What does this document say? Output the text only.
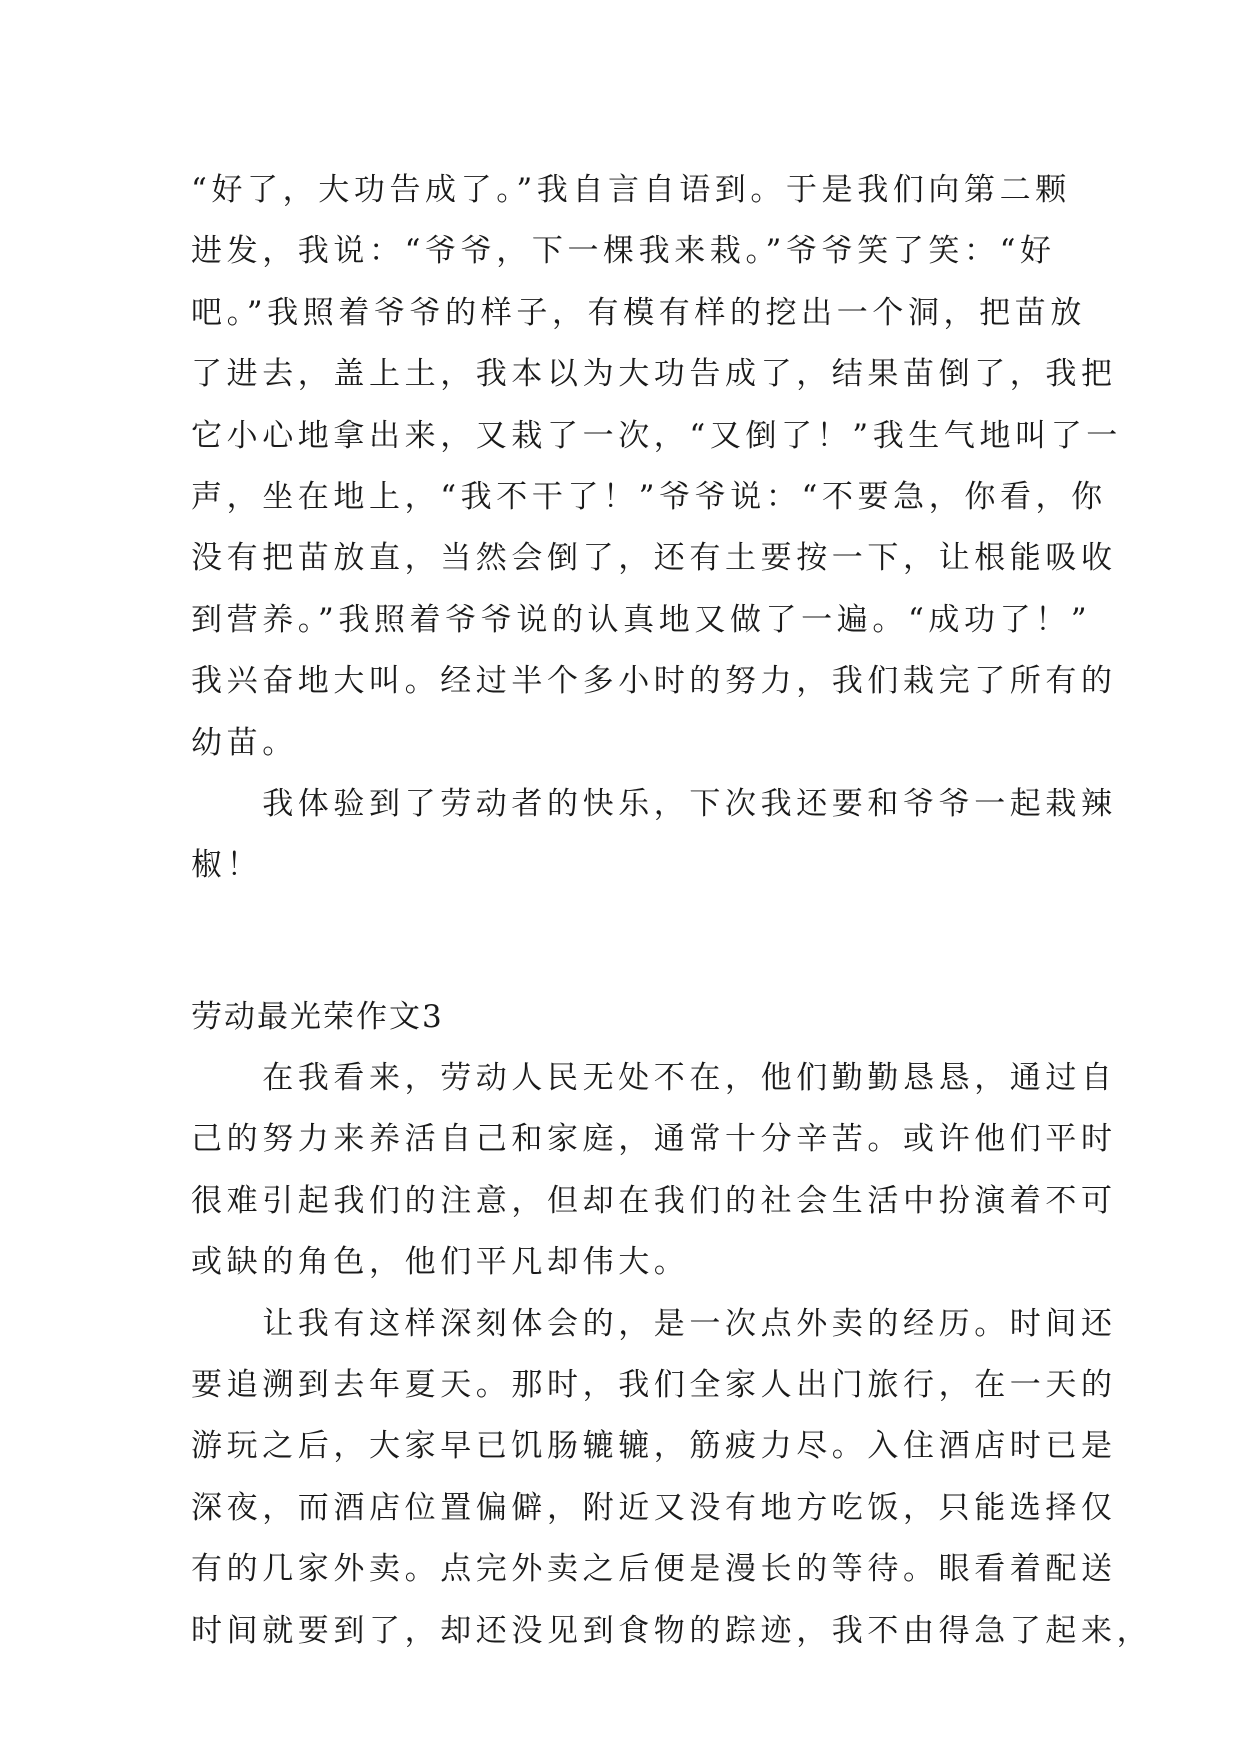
“好了，大功告成了。”我自言自语到。于是我们向第二颗
进发，我说：“爷爷，下一棵我来栽。”爷爷笑了笑：“好
吧。”我照着爷爷的样子，有模有样的挖出一个洞，把苗放
了进去，盖上土，我本以为大功告成了，结果苗倒了，我把
它小心地拿出来，又栽了一次，“又倒了！”我生气地叫了一
声，坐在地上，“我不干了！”爷爷说：“不要急，你看，你
没有把苗放直，当然会倒了，还有土要按一下，让根能吸收
到营养。”我照着爷爷说的认真地又做了一遍。“成功了！”
我兴奋地大叫。经过半个多小时的努力，我们栽完了所有的
幼苗。
　　我体验到了劳动者的快乐，下次我还要和爷爷一起栽辣
椒！
劳动最光荣作文3
　　在我看来，劳动人民无处不在，他们勤勤恳恳，通过自
己的努力来养活自己和家庭，通常十分辛苦。或许他们平时
很难引起我们的注意，但却在我们的社会生活中扮演着不可
或缺的角色，他们平凡却伟大。
　　让我有这样深刻体会的，是一次点外卖的经历。时间还
要追溯到去年夏天。那时，我们全家人出门旅行，在一天的
游玩之后，大家早已饥肠辘辘，筋疲力尽。入住酒店时已是
深夜，而酒店位置偏僻，附近又没有地方吃饭，只能选择仅
有的几家外卖。点完外卖之后便是漫长的等待。眼看着配送
时间就要到了，却还没见到食物的踪迹，我不由得急了起来，
